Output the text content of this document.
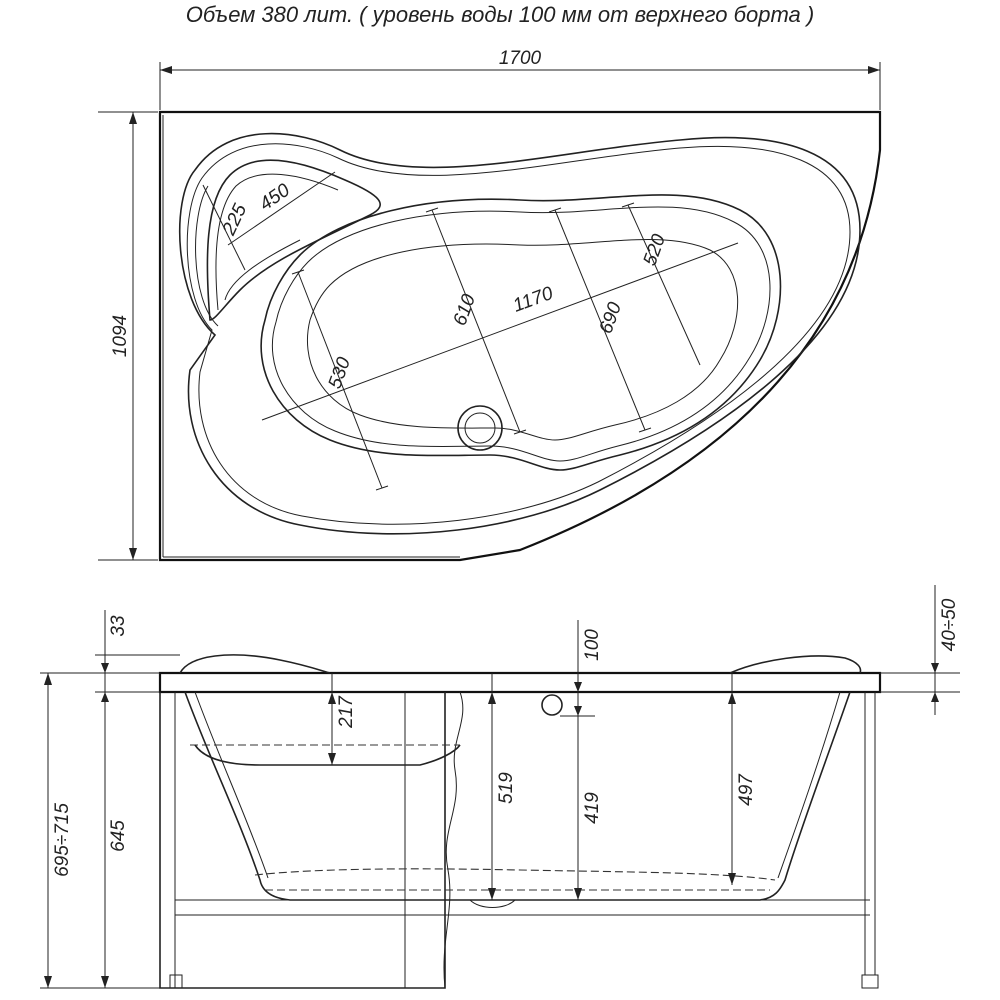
Объем 380 лит. ( уровень воды 100 мм от верхнего борта )
1700
1094
1170
610	690
520
530
450
225
33
695÷715 645
217
519
100
419
497
40÷50
